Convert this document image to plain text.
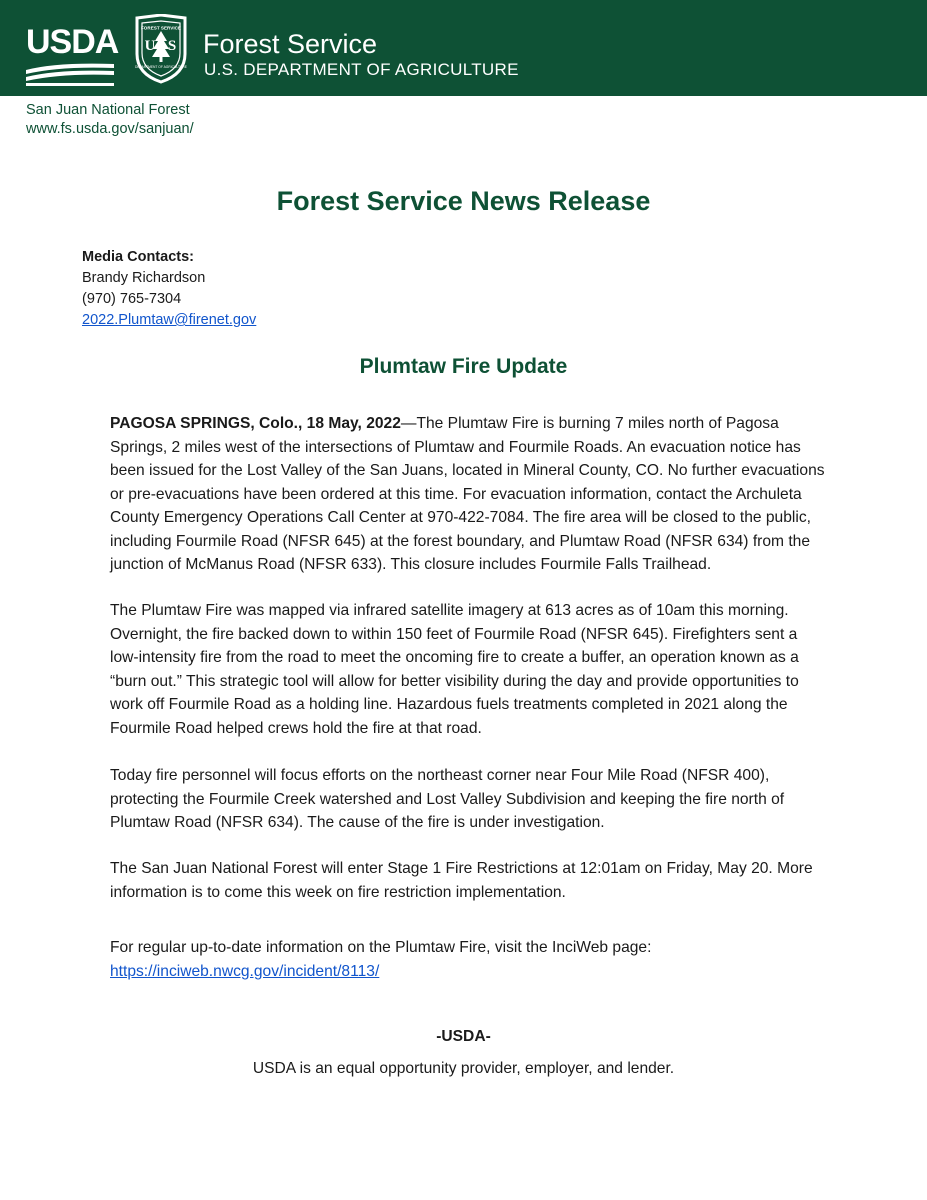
USDA	FOREST SERVICE
U S
DEPARTMENT OF AGRICULTURE
Forest Service
U.S. DEPARTMENT OF AGRICULTURE
San Juan National Forest
www.fs.usda.gov/sanjuan/
Forest Service News Release
Media Contacts:
Brandy Richardson
(970) 765-7304
2022.Plumtaw@firenet.gov
Plumtaw Fire Update

PAGOSA SPRINGS, Colo., 18 May, 2022—The Plumtaw Fire is burning 7 miles north of Pagosa Springs, 2 miles west of the intersections of Plumtaw and Fourmile Roads. An evacuation notice has been issued for the Lost Valley of the San Juans, located in Mineral County, CO. No further evacuations or pre-evacuations have been ordered at this time. For evacuation information, contact the Archuleta County Emergency Operations Call Center at 970-422-7084. The fire area will be closed to the public, including Fourmile Road (NFSR 645) at the forest boundary, and Plumtaw Road (NFSR 634) from the junction of McManus Road (NFSR 633). This closure includes Fourmile Falls Trailhead.

The Plumtaw Fire was mapped via infrared satellite imagery at 613 acres as of 10am this morning. Overnight, the fire backed down to within 150 feet of Fourmile Road (NFSR 645). Firefighters sent a low-intensity fire from the road to meet the oncoming fire to create a buffer, an operation known as a “burn out.” This strategic tool will allow for better visibility during the day and provide opportunities to work off Fourmile Road as a holding line. Hazardous fuels treatments completed in 2021 along the Fourmile Road helped crews hold the fire at that road.

Today fire personnel will focus efforts on the northeast corner near Four Mile Road (NFSR 400), protecting the Fourmile Creek watershed and Lost Valley Subdivision and keeping the fire north of Plumtaw Road (NFSR 634). The cause of the fire is under investigation.

The San Juan National Forest will enter Stage 1 Fire Restrictions at 12:01am on Friday, May 20. More information is to come this week on fire restriction implementation.

For regular up-to-date information on the Plumtaw Fire, visit the InciWeb page:

https://inciweb.nwcg.gov/incident/8113/

-USDA-
USDA is an equal opportunity provider, employer, and lender.
